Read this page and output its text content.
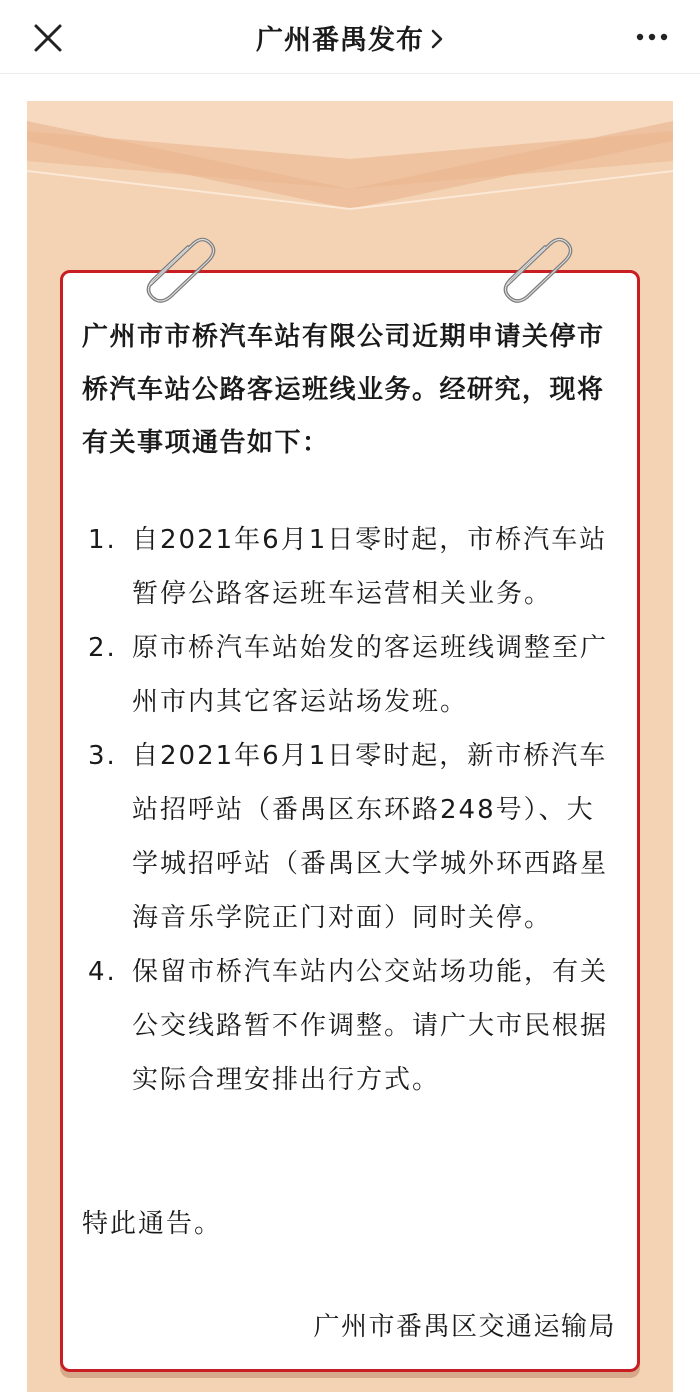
广州番禺发布
广州市市桥汽车站有限公司近期申请关停市桥汽车站公路客运班线业务。经研究，现将有关事项通告如下：
1. 自2021年6月1日零时起，市桥汽车站暂停公路客运班车运营相关业务。
2. 原市桥汽车站始发的客运班线调整至广州市内其它客运站场发班。
3. 自2021年6月1日零时起，新市桥汽车站招呼站（番禺区东环路248号）、大学城招呼站（番禺区大学城外环西路星海音乐学院正门对面）同时关停。
4. 保留市桥汽车站内公交站场功能，有关公交线路暂不作调整。请广大市民根据实际合理安排出行方式。
特此通告。
广州市番禺区交通运输局
